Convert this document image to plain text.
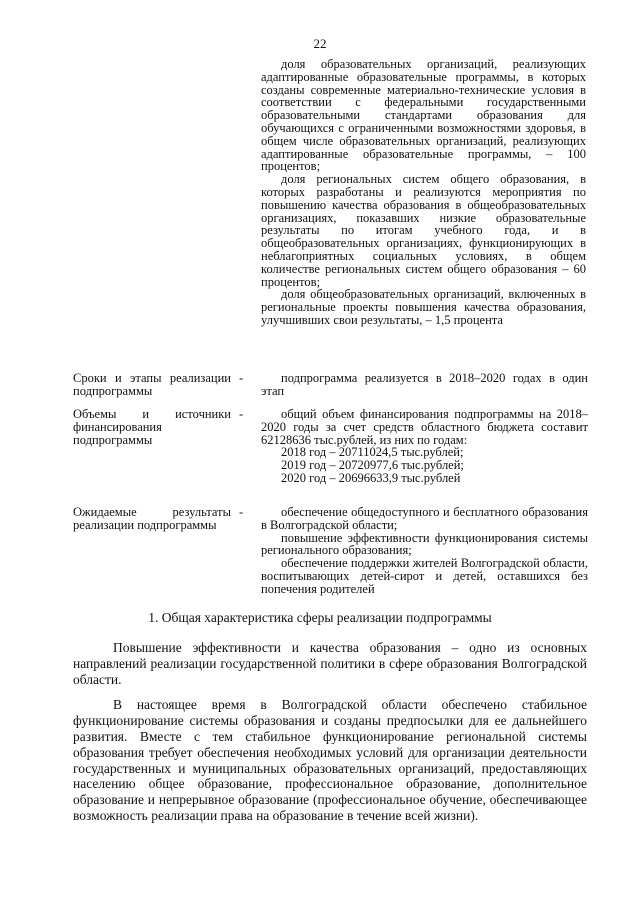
22

доля образовательных организаций, реализующих адаптированные образовательные программы, в которых созданы современные материально-технические условия в соответствии с федеральными государственными образовательными стандартами образования для обучающихся с ограниченными возможностями здоровья, в общем числе образовательных организаций, реализующих адаптированные образовательные программы, – 100 процентов;

доля региональных систем общего образования, в которых разработаны и реализуются мероприятия по повышению качества образования в общеобразовательных организациях, показавших низкие образовательные результаты по итогам учебного года, и в общеобразовательных организациях, функционирующих в неблагоприятных социальных условиях, в общем количестве региональных систем общего образования – 60 процентов;

доля общеобразовательных организаций, включенных в региональные проекты повышения качества образования, улучшивших свои результаты, – 1,5 процента

Сроки и этапы реализации подпрограммы
-	подпрограмма реализуется в 2018–2020 годах в один этап

Объемы и источники финансирования подпрограммы
-	общий объем финансирования подпрограммы на 2018–2020 годы за счет средств областного бюджета составит 62128636 тыс.рублей, из них по годам:

2018 год – 20711024,5 тыс.рублей;

2019 год – 20720977,6 тыс.рублей;

2020 год – 20696633,9 тыс.рублей

Ожидаемые результаты реализации подпрограммы
-	обеспечение общедоступного и бесплатного образования в Волгоградской области;

повышение эффективности функционирования системы регионального образования;

обеспечение поддержки жителей Волгоградской области, воспитывающих детей-сирот и детей, оставшихся без попечения родителей

1. Общая характеристика сферы реализации подпрограммы

Повышение эффективности и качества образования – одно из основных направлений реализации государственной политики в сфере образования Волгоградской области.

В настоящее время в Волгоградской области обеспечено стабильное функционирование системы образования и созданы предпосылки для ее дальнейшего развития. Вместе с тем стабильное функционирование региональной системы образования требует обеспечения необходимых условий для организации деятельности государственных и муниципальных образовательных организаций, предоставляющих населению общее образование, профессиональное образование, дополнительное образование и непрерывное образование (профессиональное обучение, обеспечивающее возможность реализации права на образование в течение всей жизни).
